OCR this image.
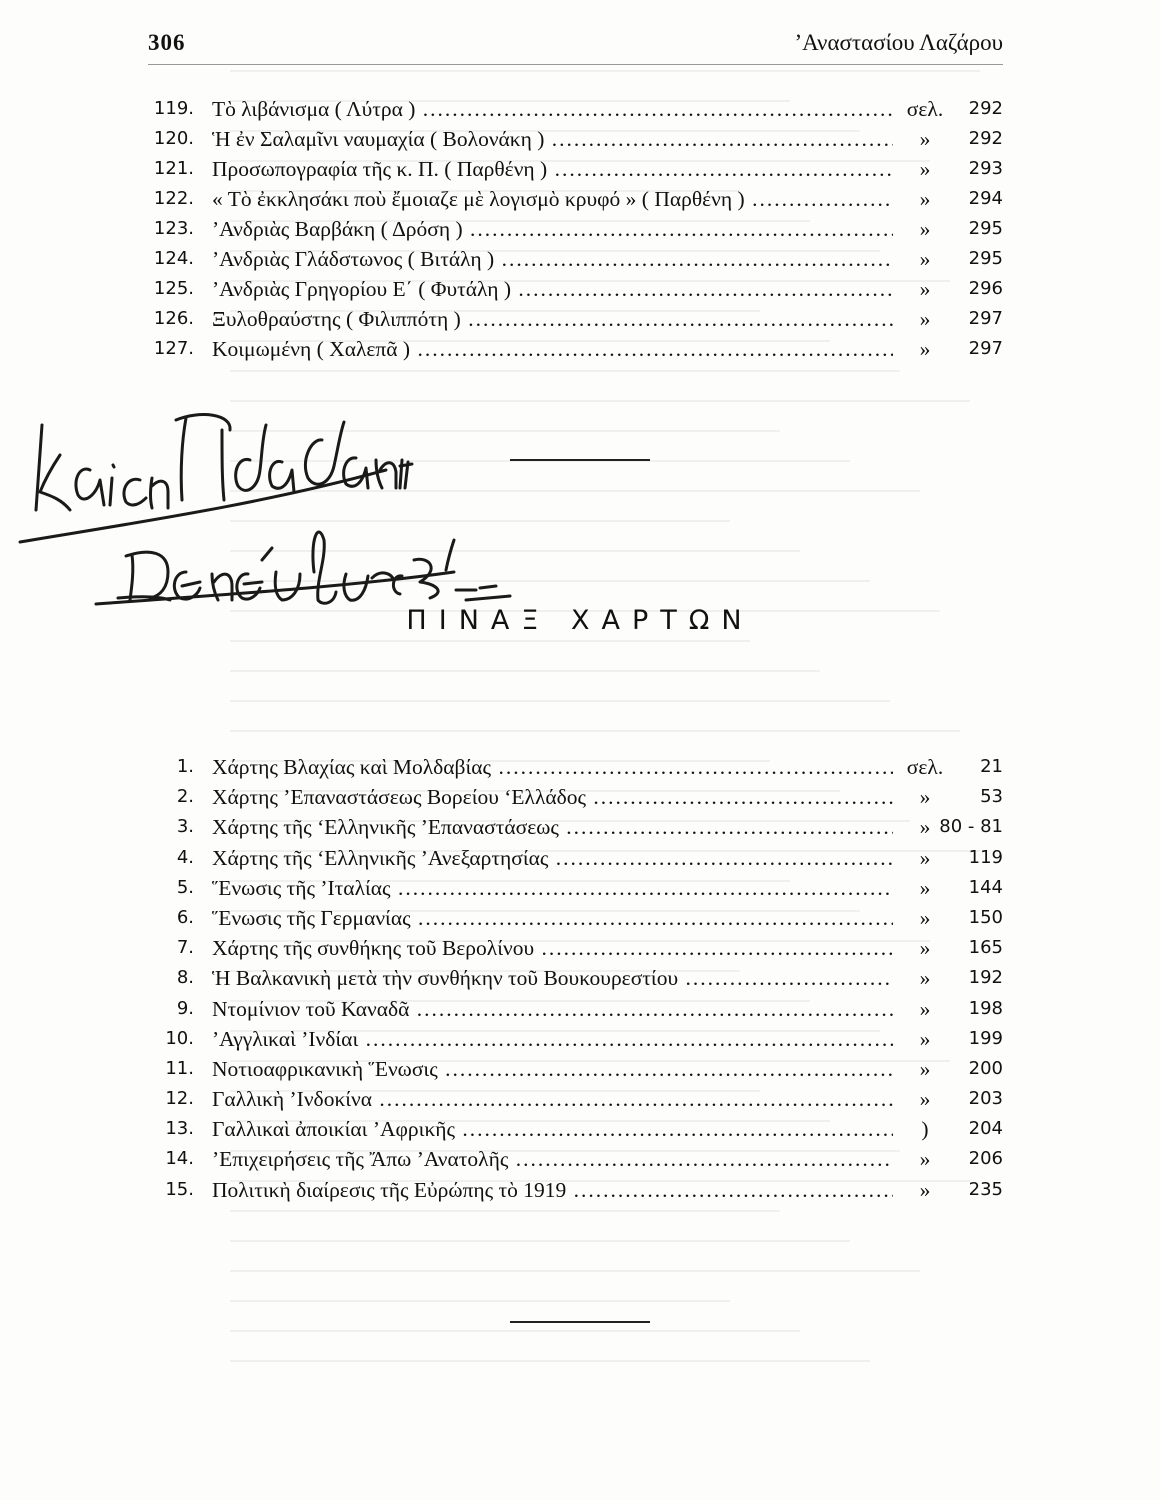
306	’Αναστασίου Λαζάρου
119. Τὸ λιβάνισμα ( Λύτρα ) .....	σελ.	292
120. Ἡ ἐν Σαλαμῖνι ναυμαχία ( Βολονάκη ) .....	»	292
121. Προσωπογραφία τῆς κ. Π. ( Παρθένη ) .....	»	293
122. « Τὸ ἐκκλησάκι ποὺ ἔμοιαζε μὲ λογισμὸ κρυφό » ( Παρθένη ) .....	»	294
123. ’Ανδριὰς Βαρβάκη ( Δρόση ) .....	»	295
124. ’Ανδριὰς Γλάδστωνος ( Βιτάλη ) .....	»	295
125. ’Ανδριὰς Γρηγορίου Ε΄ ( Φυτάλη ) .....	»	296
126. Ξυλοθραύστης ( Φιλιππότη ) .....	»	297
127. Κοιμωμένη ( Χαλεπᾶ ) .....	»	297
ΠΙΝΑΞ ΧΑΡΤΩΝ
1. Χάρτης Βλαχίας καὶ Μολδαβίας .....	σελ.	21
2. Χάρτης ’Επαναστάσεως Βορείου ‘Ελλάδος .....	»	53
3. Χάρτης τῆς ‘Ελληνικῆς ’Επαναστάσεως .....	» 80 - 81
4. Χάρτης τῆς ‘Ελληνικῆς ’Ανεξαρτησίας .....	»	119
5. Ἕνωσις τῆς ’Ιταλίας .....	»	144
6. Ἕνωσις τῆς Γερμανίας .....	»	150
7. Χάρτης τῆς συνθήκης τοῦ Βερολίνου .....	»	165
8. Ἡ Βαλκανικὴ μετὰ τὴν συνθήκην τοῦ Βουκουρεστίου .....	»	192
9. Ντομίνιον τοῦ Καναδᾶ .....	»	198
10. ’Αγγλικαὶ ’Ινδίαι .....	»	199
11. Νοτιοαφρικανικὴ Ἕνωσις .....	»	200
12. Γαλλικὴ ’Ινδοκίνα .....	»	203
13. Γαλλικαὶ ἀποικίαι ’Αφρικῆς .....	)	204
14. ’Επιχειρήσεις τῆς Ἄπω ’Ανατολῆς .....	»	206
15. Πολιτικὴ διαίρεσις τῆς Εὐρώπης τὸ 1919 .....	»	235
